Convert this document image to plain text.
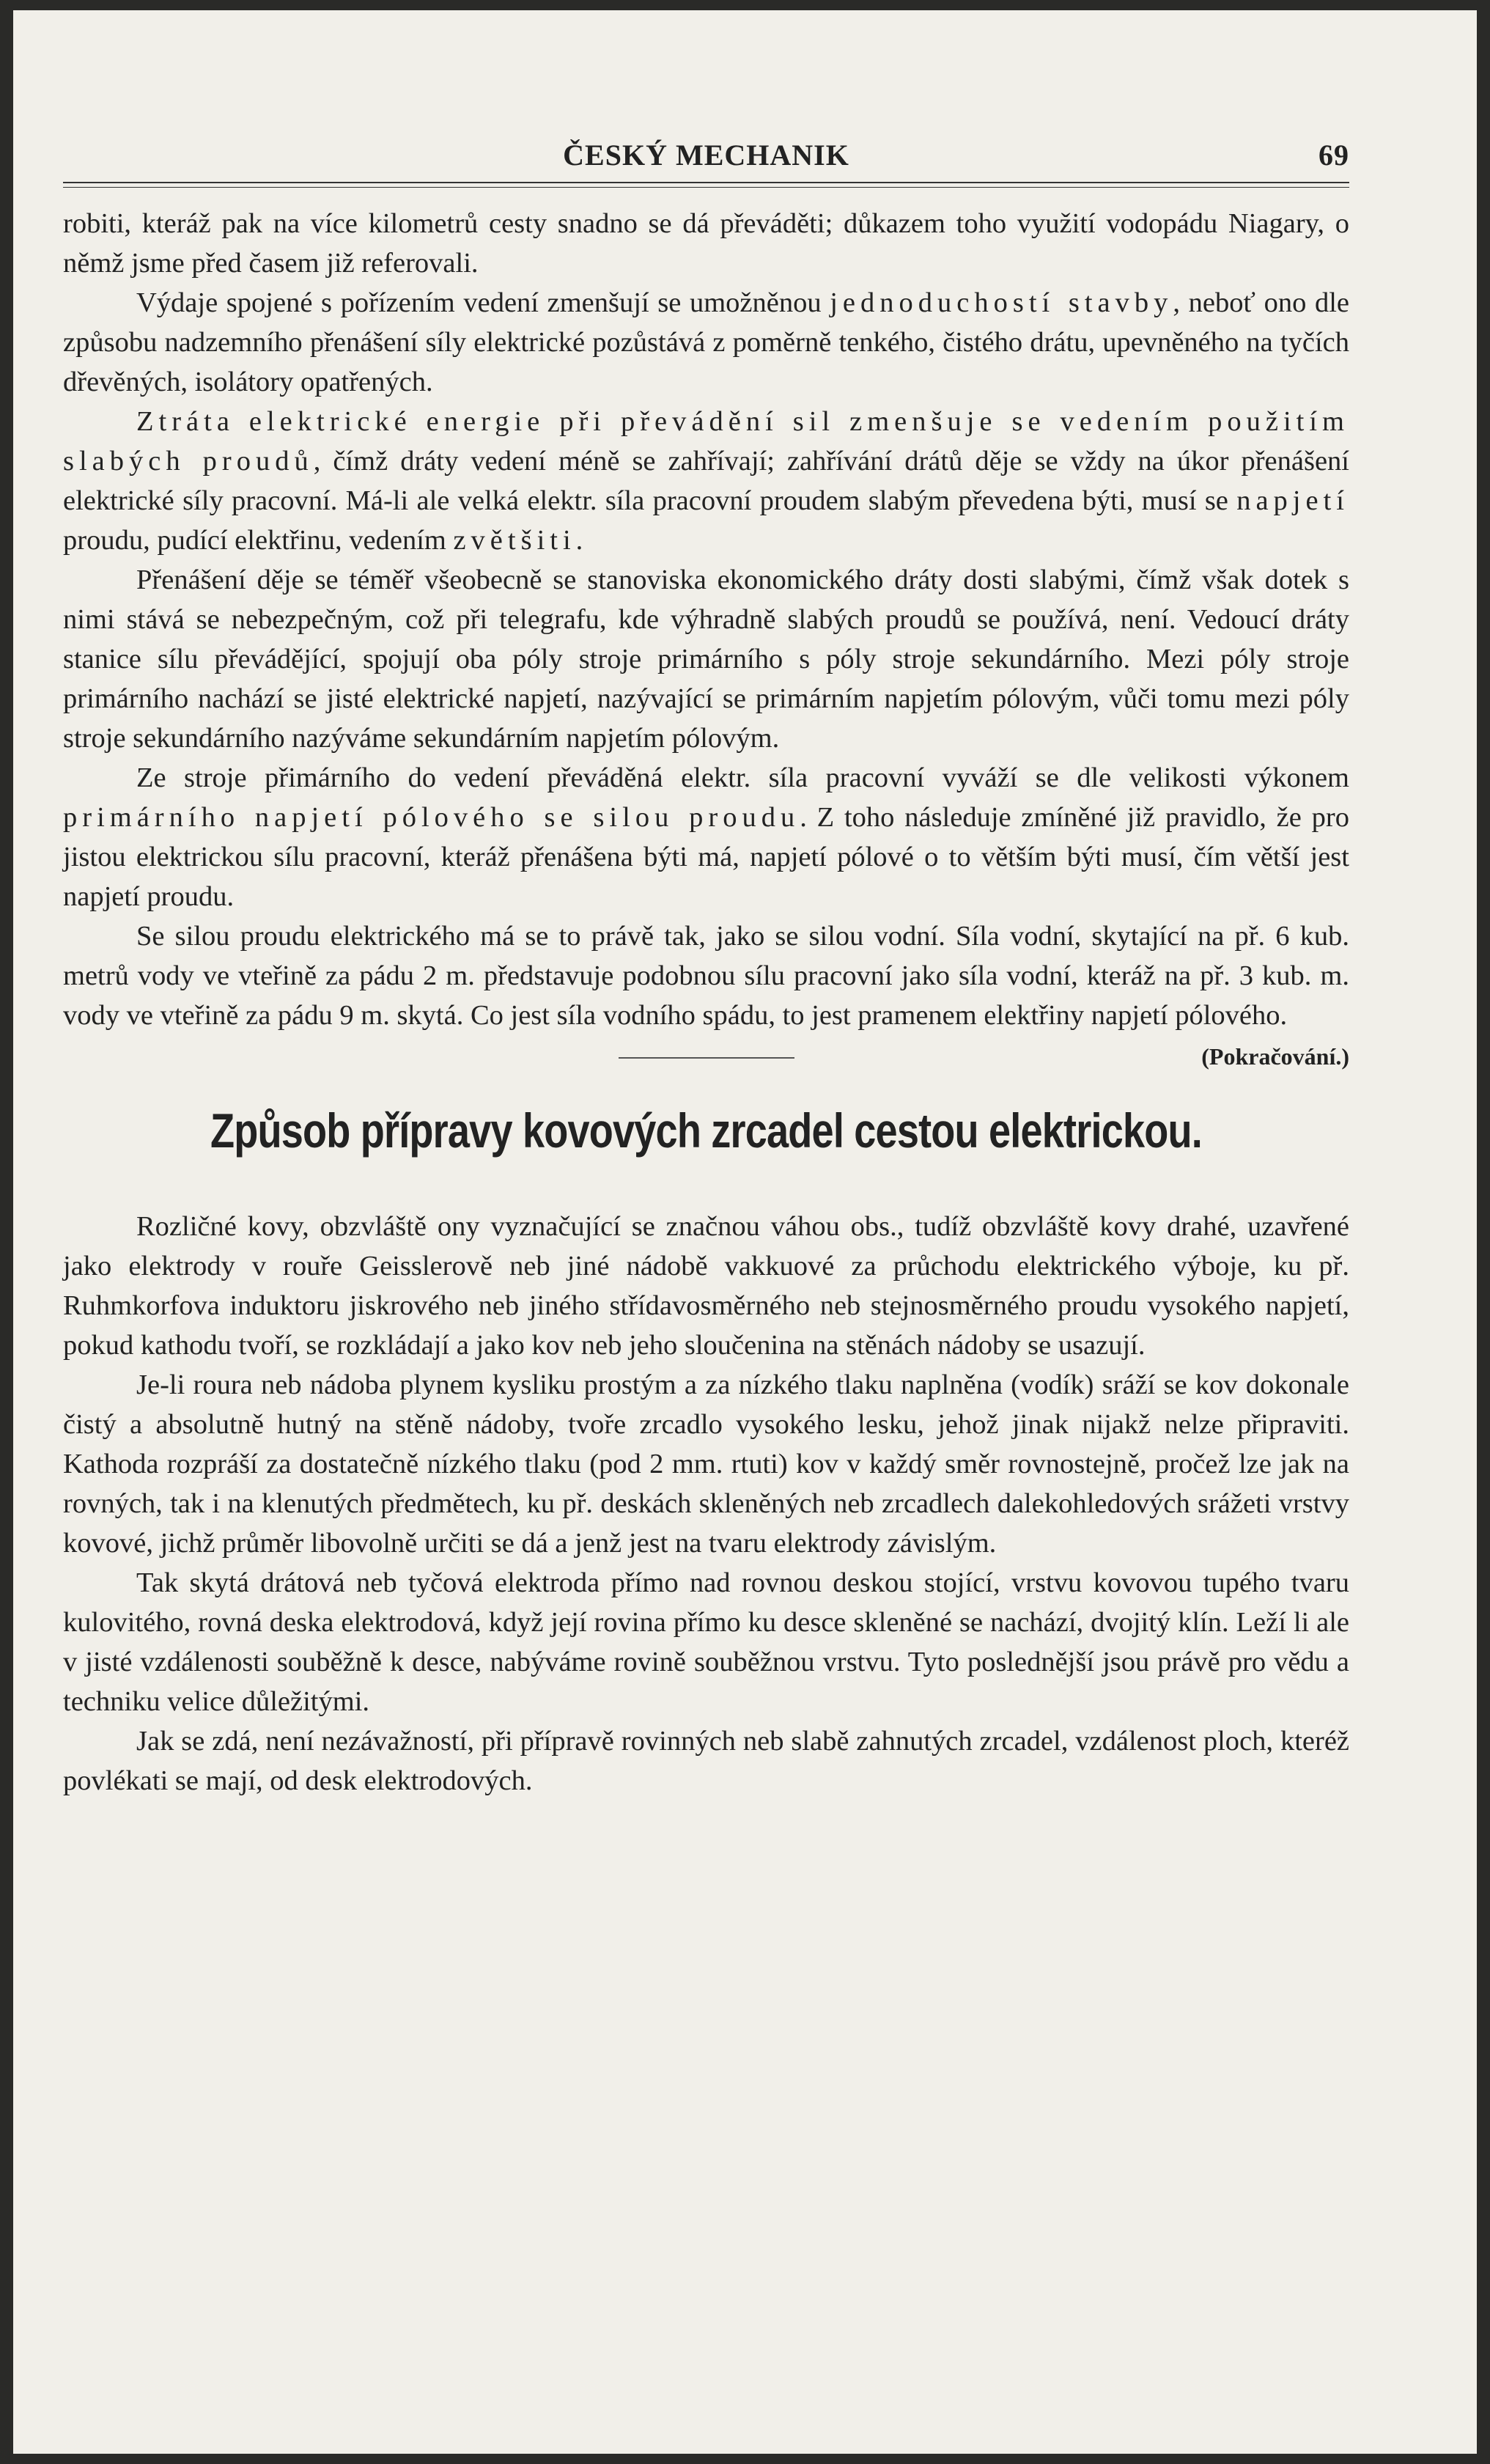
ČESKÝ MECHANIK	69

robiti, kteráž pak na více kilometrů cesty snadno se dá převáděti; důkazem toho využití vodopádu Niagary, o němž jsme před časem již referovali.

Výdaje spojené s pořízením vedení zmenšují se umožněnou jednoduchostí stavby, neboť ono dle způsobu nadzemního přenášení síly elektrické pozůstává z poměrně tenkého, čistého drátu, upevněného na tyčích dřevěných, isolátory opatřených.

Ztráta elektrické energie při převádění sil zmenšuje se vedením použitím slabých proudů, čímž dráty vedení méně se zahřívají; zahřívání drátů děje se vždy na úkor přenášení elektrické síly pracovní. Má-li ale velká elektr. síla pracovní proudem slabým převedena býti, musí se napjetí proudu, pudící elektřinu, vedením zvětšiti.

Přenášení děje se téměř všeobecně se stanoviska ekonomického dráty dosti slabými, čímž však dotek s nimi stává se nebezpečným, což při telegrafu, kde výhradně slabých proudů se používá, není. Vedoucí dráty stanice sílu převádějící, spojují oba póly stroje primárního s póly stroje sekundárního. Mezi póly stroje primárního nachází se jisté elektrické napjetí, nazývající se primárním napjetím pólovým, vůči tomu mezi póly stroje sekundárního nazýváme sekundárním napjetím pólovým.

Ze stroje přimárního do vedení převáděná elektr. síla pracovní vyváží se dle velikosti výkonem primárního napjetí pólového se silou proudu. Z toho následuje zmíněné již pravidlo, že pro jistou elektrickou sílu pracovní, kteráž přenášena býti má, napjetí pólové o to větším býti musí, čím větší jest napjetí proudu.

Se silou proudu elektrického má se to právě tak, jako se silou vodní. Síla vodní, skytající na př. 6 kub. metrů vody ve vteřině za pádu 2 m. představuje podobnou sílu pracovní jako síla vodní, kteráž na př. 3 kub. m. vody ve vteřině za pádu 9 m. skytá. Co jest síla vodního spádu, to jest pramenem elektřiny napjetí pólového.
(Pokračování.)

Způsob přípravy kovových zrcadel cestou elektrickou.

Rozličné kovy, obzvláště ony vyznačující se značnou váhou obs., tudíž obzvláště kovy drahé, uzavřené jako elektrody v rouře Geisslerově neb jiné nádobě vakkuové za průchodu elektrického výboje, ku př. Ruhmkorfova induktoru jiskrového neb jiného střídavosměrného neb stejnosměrného proudu vysokého napjetí, pokud kathodu tvoří, se rozkládají a jako kov neb jeho sloučenina na stěnách nádoby se usazují.

Je-li roura neb nádoba plynem kysliku prostým a za nízkého tlaku naplněna (vodík) sráží se kov dokonale čistý a absolutně hutný na stěně nádoby, tvoře zrcadlo vysokého lesku, jehož jinak nijakž nelze připraviti. Kathoda rozpráší za dostatečně nízkého tlaku (pod 2 mm. rtuti) kov v každý směr rovnostejně, pročež lze jak na rovných, tak i na klenutých předmětech, ku př. deskách skleněných neb zrcadlech dalekohledových srážeti vrstvy kovové, jichž průměr libovolně určiti se dá a jenž jest na tvaru elektrody závislým.

Tak skytá drátová neb tyčová elektroda přímo nad rovnou deskou stojící, vrstvu kovovou tupého tvaru kulovitého, rovná deska elektrodová, když její rovina přímo ku desce skleněné se nachází, dvojitý klín. Leží li ale v jisté vzdálenosti souběžně k desce, nabýváme rovině souběžnou vrstvu. Tyto poslednější jsou právě pro vědu a techniku velice důležitými.

Jak se zdá, není nezávažností, při přípravě rovinných neb slabě zahnutých zrcadel, vzdálenost ploch, kteréž povlékati se mají, od desk elektrodových.
